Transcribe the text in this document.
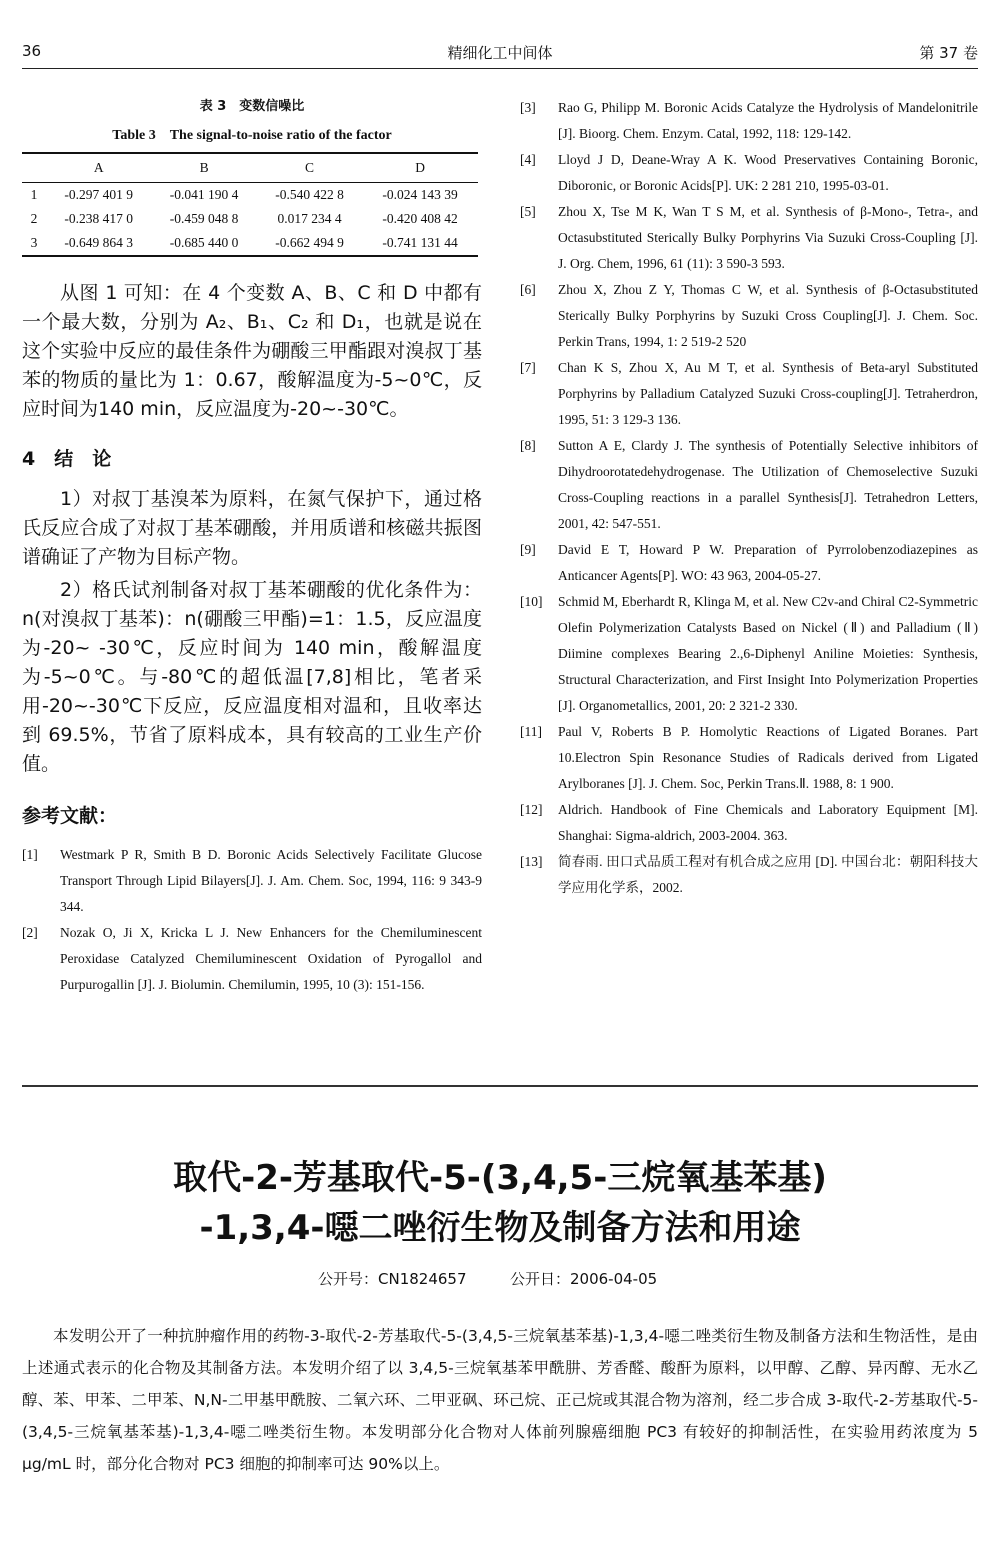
36	精细化工中间体	第 37 卷
表 3　变数信噪比
Table 3　The signal-to-noise ratio of the factor
	A	B	C	D
1	-0.297 401 9	-0.041 190 4	-0.540 422 8	-0.024 143 39
2	-0.238 417 0	-0.459 048 8	0.017 234 4	-0.420 408 42
3	-0.649 864 3	-0.685 440 0	-0.662 494 9	-0.741 131 44

从图 1 可知：在 4 个变数 A、B、C 和 D 中都有一个最大数，分别为 A₂、B₁、C₂ 和 D₁，也就是说在这个实验中反应的最佳条件为硼酸三甲酯跟对溴叔丁基苯的物质的量比为 1：0.67，酸解温度为-5~0℃，反应时间为140 min，反应温度为-20~-30℃。

4　结　论

1）对叔丁基溴苯为原料，在氮气保护下，通过格氏反应合成了对叔丁基苯硼酸，并用质谱和核磁共振图谱确证了产物为目标产物。

2）格氏试剂制备对叔丁基苯硼酸的优化条件为：n(对溴叔丁基苯)：n(硼酸三甲酯)=1：1.5，反应温度为-20~ -30℃，反应时间为 140 min，酸解温度为-5~0℃。与-80℃的超低温[7,8]相比，笔者采用-20~-30℃下反应，反应温度相对温和，且收率达到 69.5%，节省了原料成本，具有较高的工业生产价值。

参考文献：
[1]	Westmark P R, Smith B D. Boronic Acids Selectively Facilitate Glucose Transport Through Lipid Bilayers[J]. J. Am. Chem. Soc, 1994, 116: 9 343-9 344.
[2]	Nozak O, Ji X, Kricka L J. New Enhancers for the Chemiluminescent Peroxidase Catalyzed Chemiluminescent Oxidation of Pyrogallol and Purpurogallin [J]. J. Biolumin. Chemilumin, 1995, 10 (3): 151-156.
[3]	Rao G, Philipp M. Boronic Acids Catalyze the Hydrolysis of Mandelonitrile [J]. Bioorg. Chem. Enzym. Catal, 1992, 118: 129-142.
[4]	Lloyd J D, Deane-Wray A K. Wood Preservatives Containing Boronic, Diboronic, or Boronic Acids[P]. UK: 2 281 210, 1995-03-01.
[5]	Zhou X, Tse M K, Wan T S M, et al. Synthesis of β-Mono-, Tetra-, and Octasubstituted Sterically Bulky Porphyrins Via Suzuki Cross-Coupling [J]. J. Org. Chem, 1996, 61 (11): 3 590-3 593.
[6]	Zhou X, Zhou Z Y, Thomas C W, et al. Synthesis of β-Octasubstituted Sterically Bulky Porphyrins by Suzuki Cross Coupling[J]. J. Chem. Soc. Perkin Trans, 1994, 1: 2 519-2 520
[7]	Chan K S, Zhou X, Au M T, et al. Synthesis of Beta-aryl Substituted Porphyrins by Palladium Catalyzed Suzuki Cross-coupling[J]. Tetraherdron, 1995, 51: 3 129-3 136.
[8]	Sutton A E, Clardy J. The synthesis of Potentially Selective inhibitors of Dihydroorotatedehydrogenase. The Utilization of Chemoselective Suzuki Cross-Coupling reactions in a parallel Synthesis[J]. Tetrahedron Letters, 2001, 42: 547-551.
[9]	David E T, Howard P W. Preparation of Pyrrolobenzodiazepines as Anticancer Agents[P]. WO: 43 963, 2004-05-27.
[10]	Schmid M, Eberhardt R, Klinga M, et al. New C2v-and Chiral C2-Symmetric Olefin Polymerization Catalysts Based on Nickel (Ⅱ) and Palladium (Ⅱ) Diimine complexes Bearing 2.,6-Diphenyl Aniline Moieties: Synthesis, Structural Characterization, and First Insight Into Polymerization Properties [J]. Organometallics, 2001, 20: 2 321-2 330.
[11]	Paul V, Roberts B P. Homolytic Reactions of Ligated Boranes. Part 10.Electron Spin Resonance Studies of Radicals derived from Ligated Arylboranes [J]. J. Chem. Soc, Perkin Trans.Ⅱ. 1988, 8: 1 900.
[12]	Aldrich. Handbook of Fine Chemicals and Laboratory Equipment [M]. Shanghai: Sigma-aldrich, 2003-2004. 363.
[13]	简春雨. 田口式品质工程对有机合成之应用 [D]. 中国台北：朝阳科技大学应用化学系，2002.
取代-2-芳基取代-5-(3,4,5-三烷氧基苯基)
-1,3,4-噁二唑衍生物及制备方法和用途
公开号：CN1824657	公开日：2006-04-05

本发明公开了一种抗肿瘤作用的药物-3-取代-2-芳基取代-5-(3,4,5-三烷氧基苯基)-1,3,4-噁二唑类衍生物及制备方法和生物活性，是由上述通式表示的化合物及其制备方法。本发明介绍了以 3,4,5-三烷氧基苯甲酰肼、芳香醛、酸酐为原料，以甲醇、乙醇、异丙醇、无水乙醇、苯、甲苯、二甲苯、N,N-二甲基甲酰胺、二氧六环、二甲亚砜、环己烷、正己烷或其混合物为溶剂，经二步合成 3-取代-2-芳基取代-5-(3,4,5-三烷氧基苯基)-1,3,4-噁二唑类衍生物。本发明部分化合物对人体前列腺癌细胞 PC3 有较好的抑制活性，在实验用药浓度为 5 μg/mL 时，部分化合物对 PC3 细胞的抑制率可达 90%以上。
